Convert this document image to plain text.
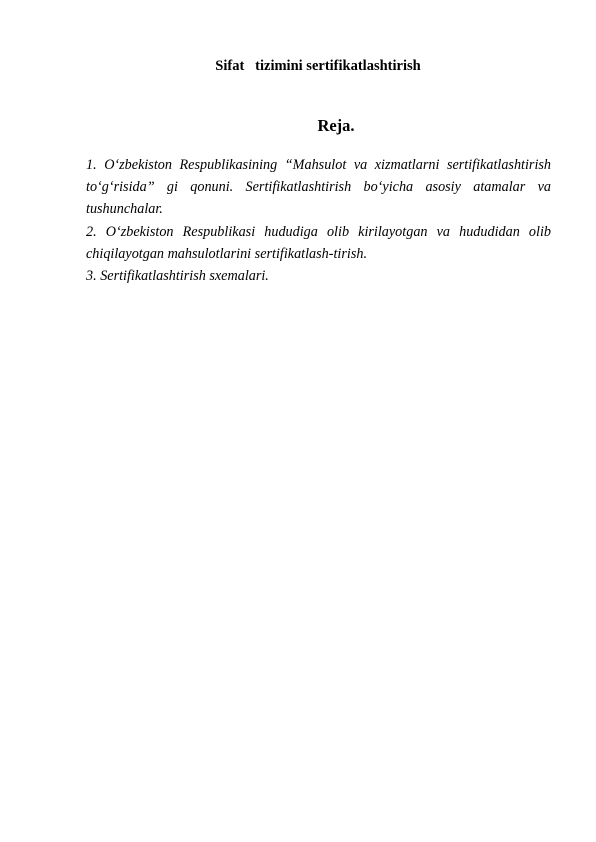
Sifat   tizimini sertifikatlashtirish
Reja.

1. O‘zbekiston Respublikasining “Mahsulot va xizmatlarni sertifikatlashtirish to‘g‘risida” gi qonuni. Sertifikatlashtirish bo‘yicha asosiy atamalar va tushunchalar.

2. O‘zbekiston Respublikasi hududiga olib kirilayotgan va hududidan olib chiqilayotgan mahsulotlarini sertifikatlash-tirish.

3. Sertifikatlashtirish sxemalari.
